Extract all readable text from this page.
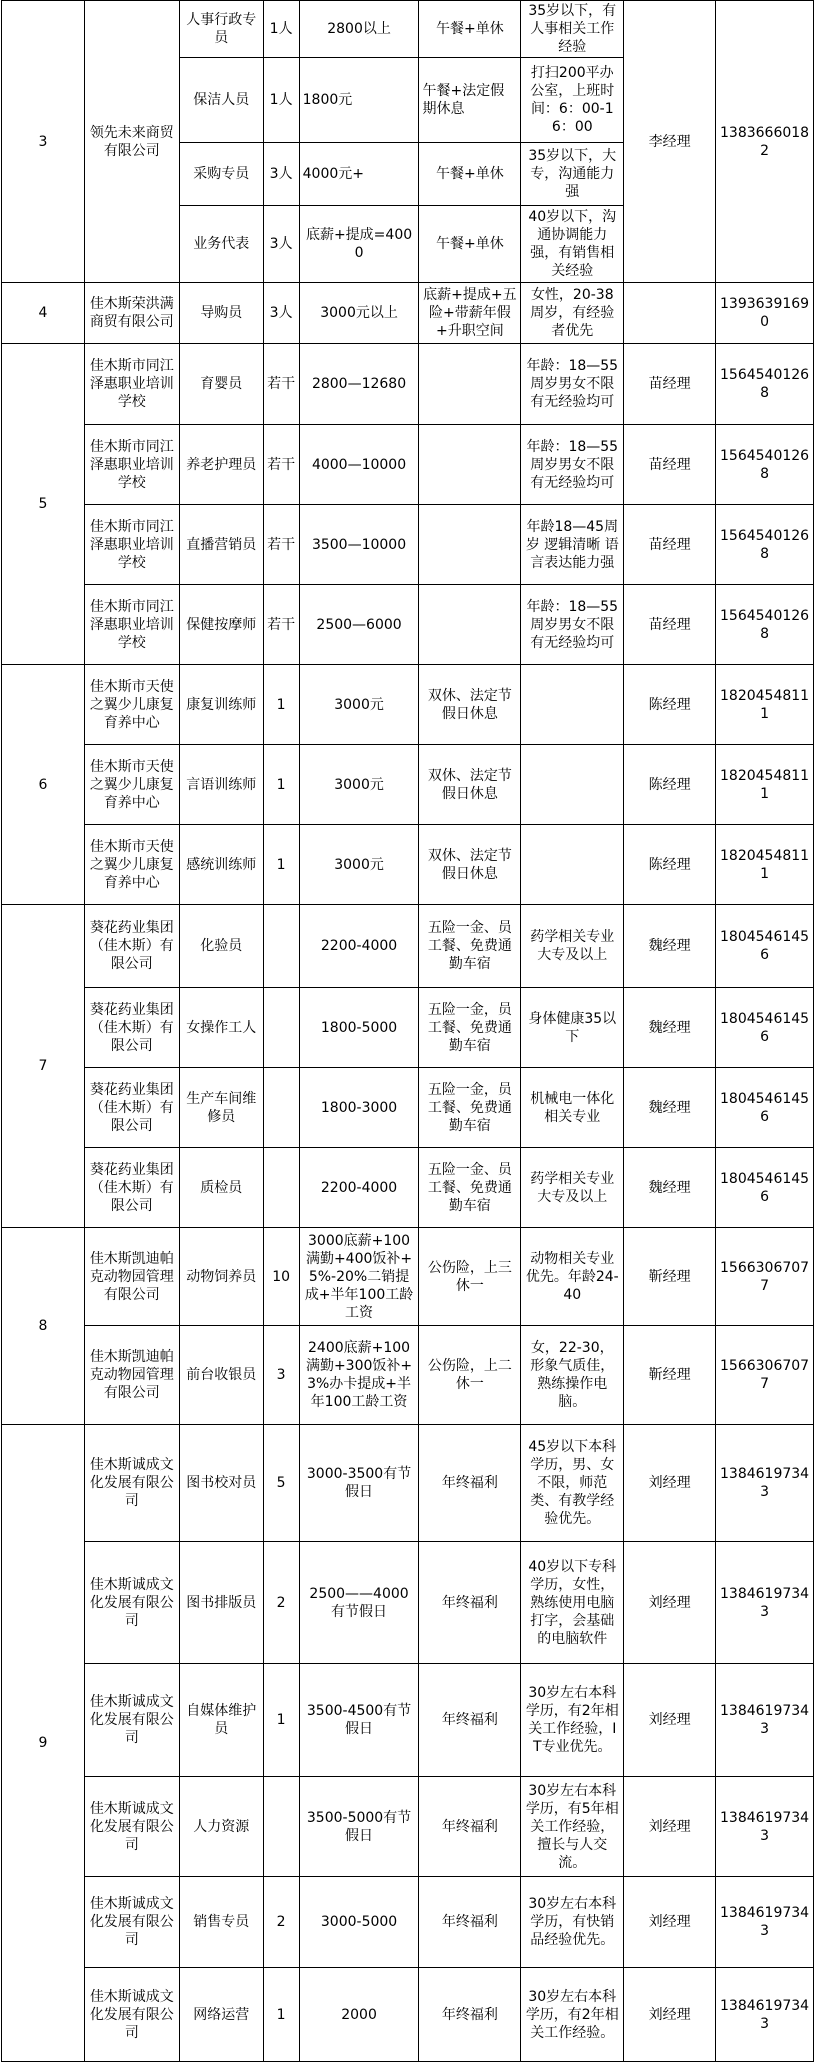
3	领先未来商贸有限公司	人事行政专员	1人	2800以上	午餐+单休	35岁以下，有人事相关工作经验	李经理	13836660182
		保洁人员	1人	1800元	午餐+法定假期休息	打扫200平办公室，上班时间：6：00-16：00		
		采购专员	3人	4000元+	午餐+单休	35岁以下，大专，沟通能力强		
		业务代表	3人	底薪+提成=4000	午餐+单休	40岁以下，沟通协调能力强，有销售相关经验		
4	佳木斯荣洪满商贸有限公司	导购员	3人	3000元以上	底薪+提成+五险+带薪年假+升职空间	女性，20-38周岁，有经验者优先		13936391690
5	佳木斯市同江泽惠职业培训学校	育婴员	若干	2800—12680		年龄：18—55周岁男女不限 有无经验均可	苗经理	15645401268
	佳木斯市同江泽惠职业培训学校	养老护理员	若干	4000—10000		年龄：18—55周岁男女不限 有无经验均可	苗经理	15645401268
	佳木斯市同江泽惠职业培训学校	直播营销员	若干	3500—10000		年龄18—45周岁 逻辑清晰 语言表达能力强	苗经理	15645401268
	佳木斯市同江泽惠职业培训学校	保健按摩师	若干	2500—6000		年龄：18—55周岁男女不限 有无经验均可	苗经理	15645401268
6	佳木斯市天使之翼少儿康复育养中心	康复训练师	1	3000元	双休、法定节假日休息		陈经理	18204548111
	佳木斯市天使之翼少儿康复育养中心	言语训练师	1	3000元	双休、法定节假日休息		陈经理	18204548111
	佳木斯市天使之翼少儿康复育养中心	感统训练师	1	3000元	双休、法定节假日休息		陈经理	18204548111
7	葵花药业集团（佳木斯）有限公司	化验员		2200-4000	五险一金、员工餐、免费通勤车宿	药学相关专业大专及以上	魏经理	18045461456
	葵花药业集团（佳木斯）有限公司	女操作工人		1800-5000	五险一金，员工餐、免费通勤车宿	身体健康35以下	魏经理	18045461456
	葵花药业集团（佳木斯）有限公司	生产车间维修员		1800-3000	五险一金，员工餐、免费通勤车宿	机械电一体化相关专业	魏经理	18045461456
	葵花药业集团（佳木斯）有限公司	质检员		2200-4000	五险一金、员工餐、免费通勤车宿	药学相关专业大专及以上	魏经理	18045461456
8	佳木斯凯迪帕克动物园管理有限公司	动物饲养员	10	3000底薪+100满勤+400饭补+5%-20%二销提成+半年100工龄工资	公伤险，上三休一	动物相关专业优先。年龄24-40	靳经理	15663067077
	佳木斯凯迪帕克动物园管理有限公司	前台收银员	3	2400底薪+100满勤+300饭补+3%办卡提成+半年100工龄工资	公伤险，上二休一	女，22-30，形象气质佳，熟练操作电脑。	靳经理	15663067077
9	佳木斯诚成文化发展有限公司	图书校对员	5	3000-3500有节假日	年终福利	45岁以下本科学历，男、女不限，师范类、有教学经验优先。	刘经理	13846197343
	佳木斯诚成文化发展有限公司	图书排版员	2	2500——4000有节假日	年终福利	40岁以下专科学历，女性，熟练使用电脑打字，会基础的电脑软件	刘经理	13846197343
	佳木斯诚成文化发展有限公司	自媒体维护员	1	3500-4500有节假日	年终福利	30岁左右本科学历，有2年相关工作经验，IT专业优先。	刘经理	13846197343
	佳木斯诚成文化发展有限公司	人力资源		3500-5000有节假日	年终福利	30岁左右本科学历，有5年相关工作经验，擅长与人交流。	刘经理	13846197343
	佳木斯诚成文化发展有限公司	销售专员	2	3000-5000	年终福利	30岁左右本科学历，有快销品经验优先。	刘经理	13846197343
	佳木斯诚成文化发展有限公司	网络运营	1	2000	年终福利	30岁左右本科学历，有2年相关工作经验。	刘经理	13846197343
